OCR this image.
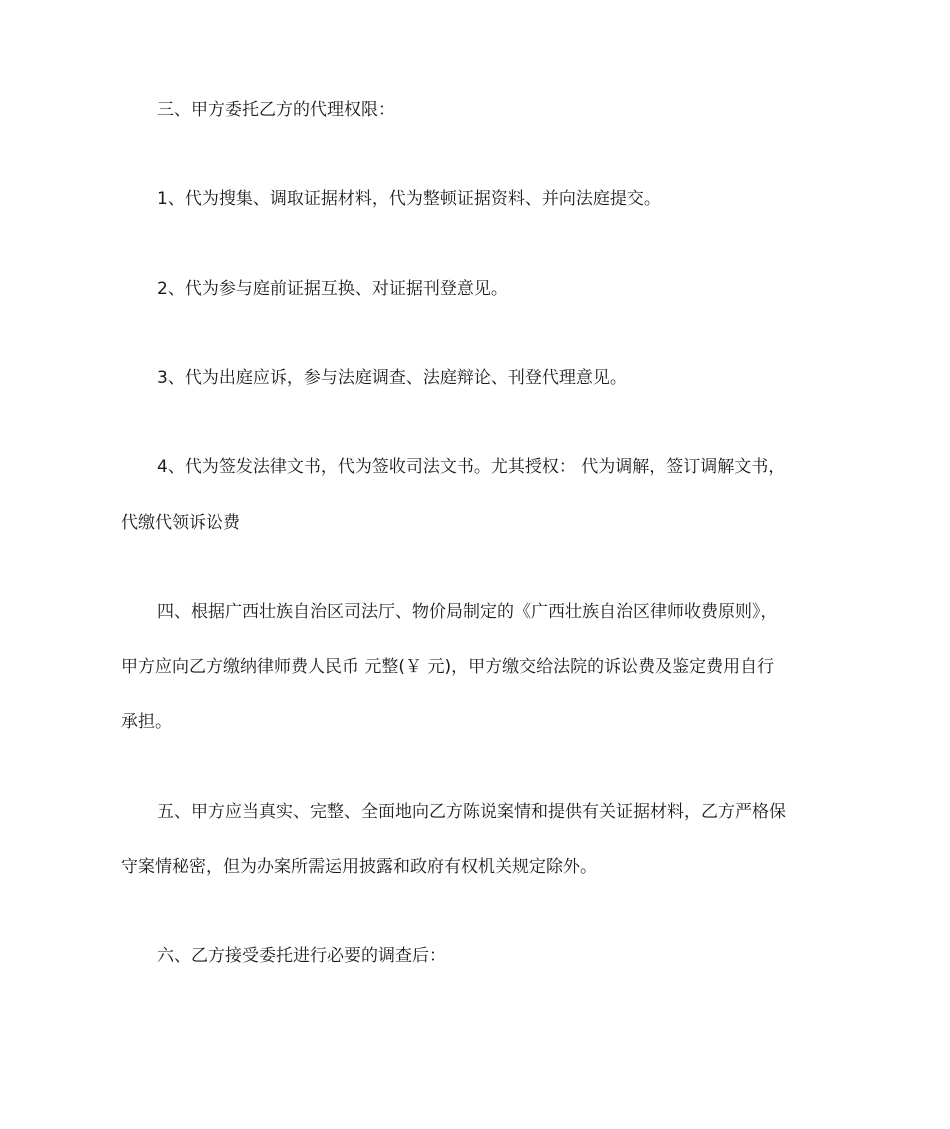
三、甲方委托乙方的代理权限：
1、代为搜集、调取证据材料，代为整顿证据资料、并向法庭提交。
2、代为参与庭前证据互换、对证据刊登意见。
3、代为出庭应诉，参与法庭调查、法庭辩论、刊登代理意见。
4、代为签发法律文书，代为签收司法文书。尤其授权： 代为调解，签订调解文书，
代缴代领诉讼费
四、根据广西壮族自治区司法厅、物价局制定的《广西壮族自治区律师收费原则》，
甲方应向乙方缴纳律师费人民币 元整(￥ 元)，甲方缴交给法院的诉讼费及鉴定费用自行
承担。
五、甲方应当真实、完整、全面地向乙方陈说案情和提供有关证据材料，乙方严格保
守案情秘密，但为办案所需运用披露和政府有权机关规定除外。
六、乙方接受委托进行必要的调查后：
